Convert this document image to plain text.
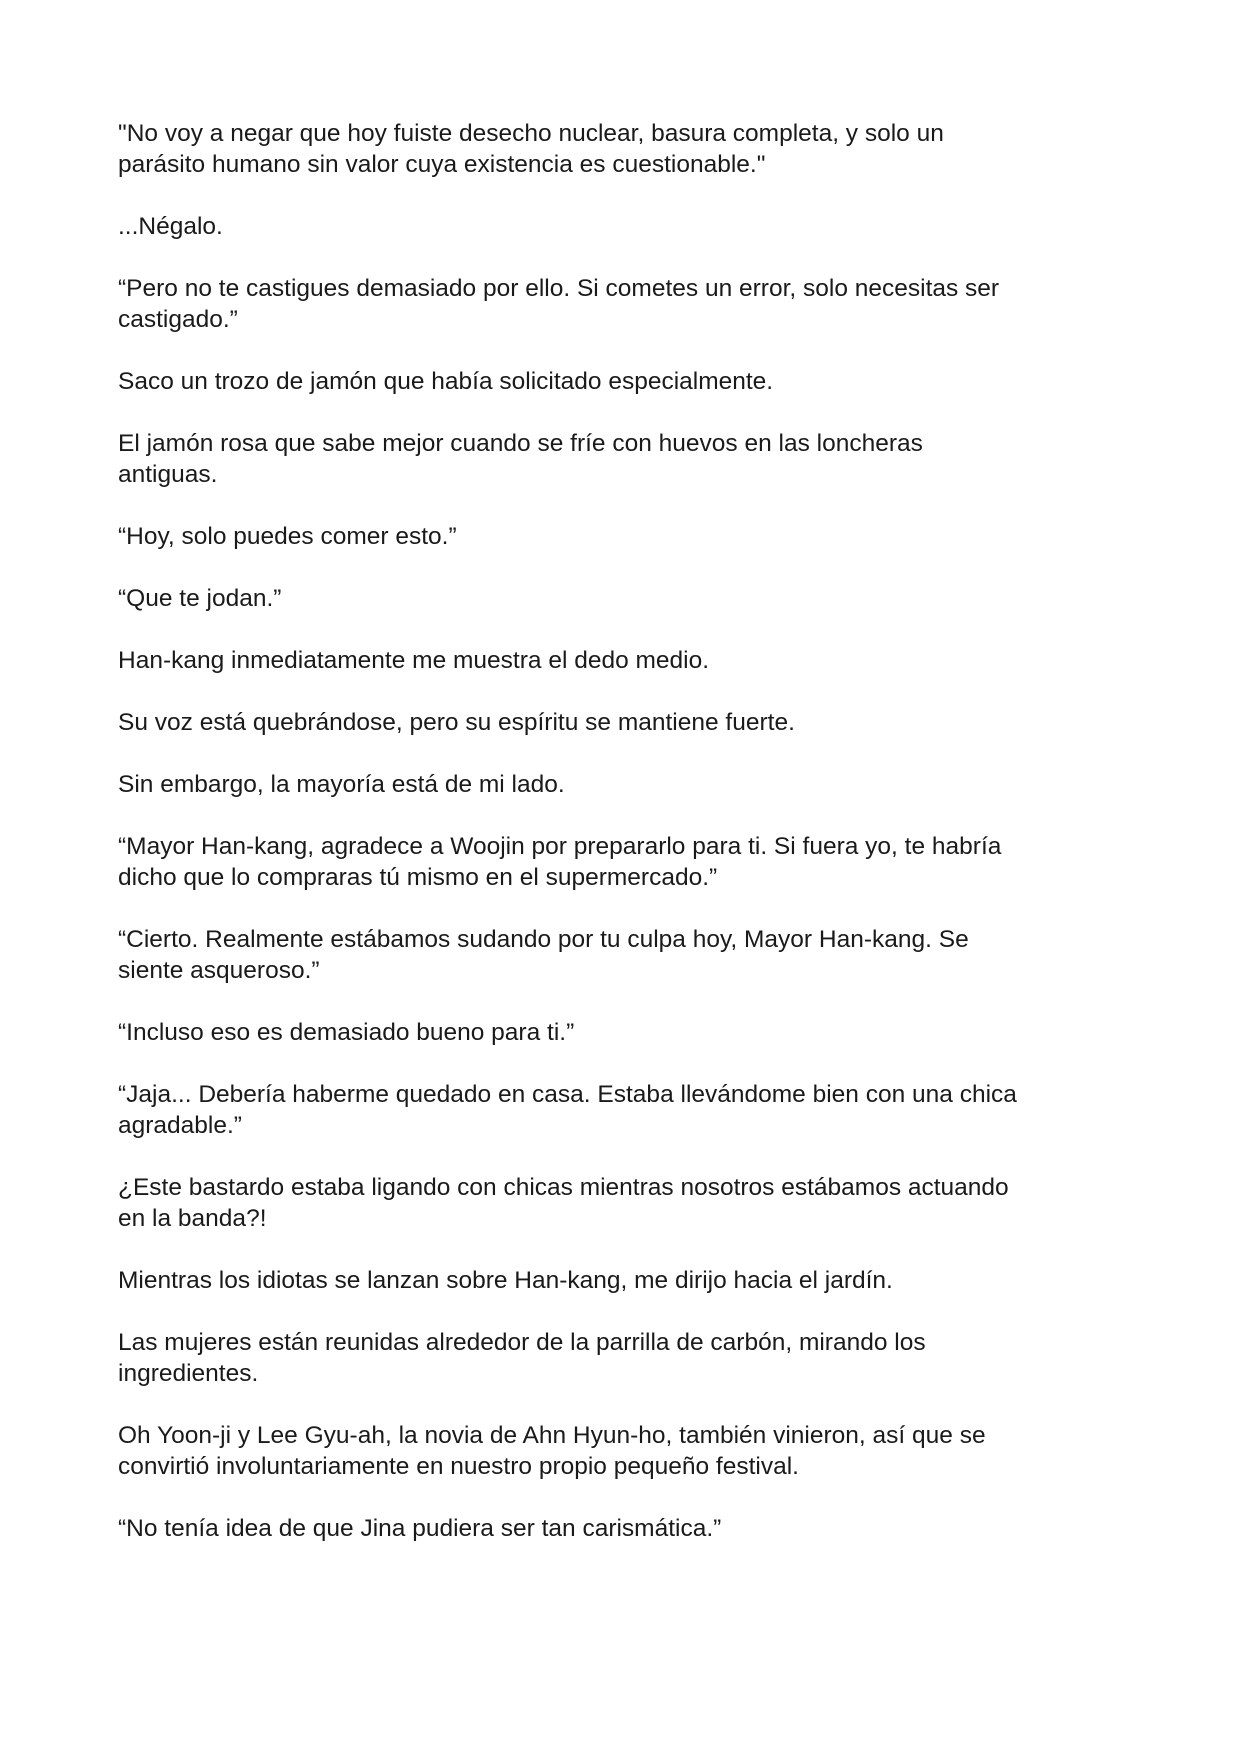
"No voy a negar que hoy fuiste desecho nuclear, basura completa, y solo un
parásito humano sin valor cuya existencia es cuestionable."

...Négalo.

“Pero no te castigues demasiado por ello. Si cometes un error, solo necesitas ser
castigado.”

Saco un trozo de jamón que había solicitado especialmente.

El jamón rosa que sabe mejor cuando se fríe con huevos en las loncheras
antiguas.

“Hoy, solo puedes comer esto.”

“Que te jodan.”

Han-kang inmediatamente me muestra el dedo medio.

Su voz está quebrándose, pero su espíritu se mantiene fuerte.

Sin embargo, la mayoría está de mi lado.

“Mayor Han-kang, agradece a Woojin por prepararlo para ti. Si fuera yo, te habría
dicho que lo compraras tú mismo en el supermercado.”

“Cierto. Realmente estábamos sudando por tu culpa hoy, Mayor Han-kang. Se
siente asqueroso.”

“Incluso eso es demasiado bueno para ti.”

“Jaja... Debería haberme quedado en casa. Estaba llevándome bien con una chica
agradable.”

¿Este bastardo estaba ligando con chicas mientras nosotros estábamos actuando
en la banda?!

Mientras los idiotas se lanzan sobre Han-kang, me dirijo hacia el jardín.

Las mujeres están reunidas alrededor de la parrilla de carbón, mirando los
ingredientes.

Oh Yoon-ji y Lee Gyu-ah, la novia de Ahn Hyun-ho, también vinieron, así que se
convirtió involuntariamente en nuestro propio pequeño festival.

“No tenía idea de que Jina pudiera ser tan carismática.”
